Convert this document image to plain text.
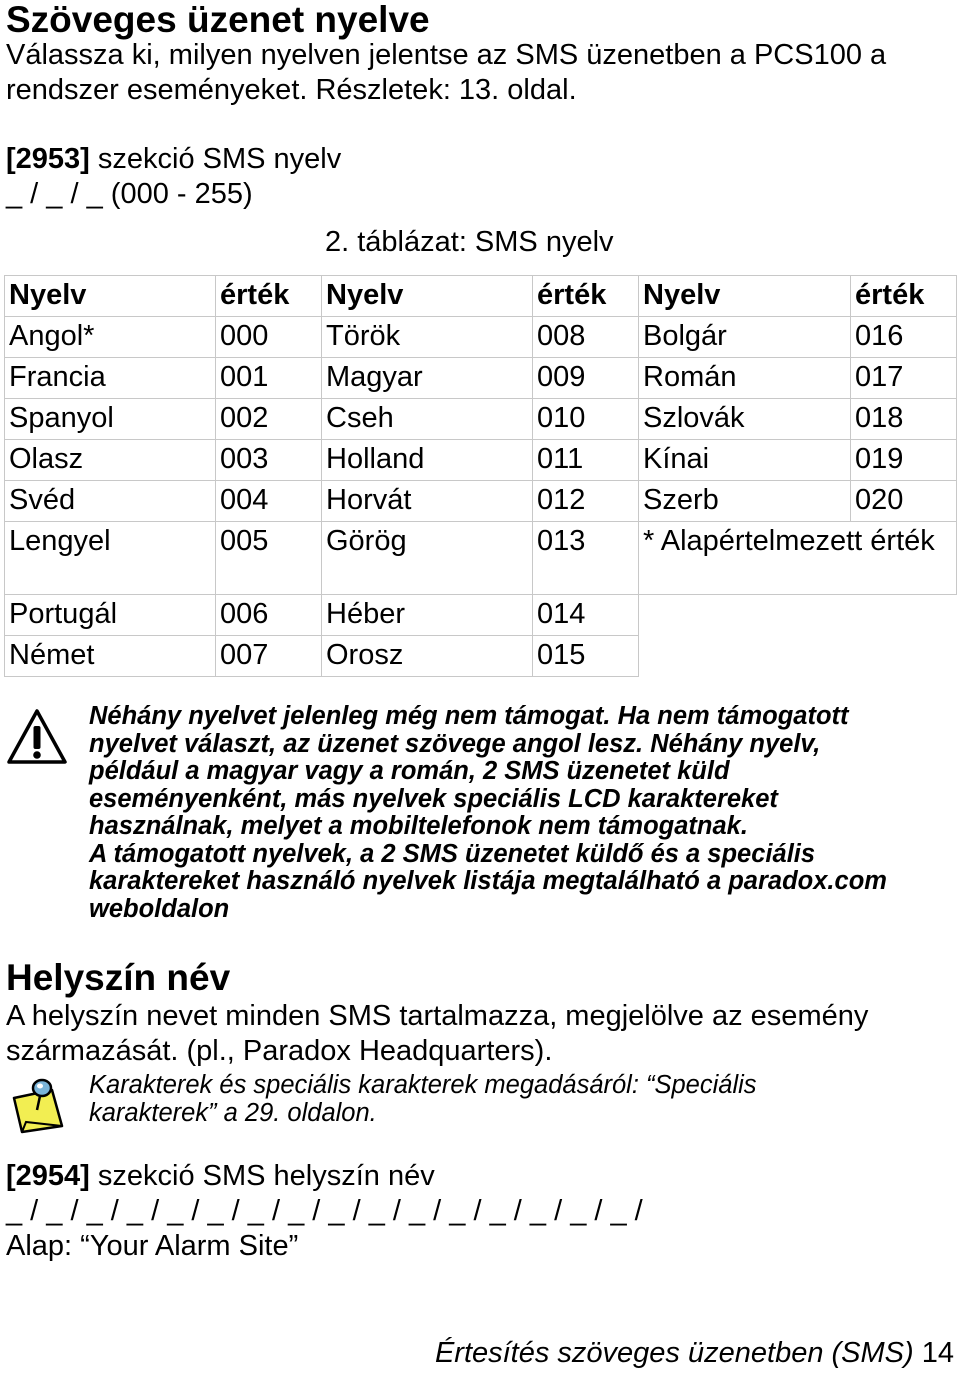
Szöveges üzenet nyelve
Válassza ki, milyen nyelven jelentse az SMS üzenetben a PCS100 a
rendszer eseményeket. Részletek: 13. oldal.
[2953] szekció SMS nyelv
_ / _ / _ (000 - 255)
2. táblázat: SMS nyelv
Nyelv	érték	Nyelv	érték	Nyelv	érték
Angol*	000	Török	008	Bolgár	016
Francia	001	Magyar	009	Román	017
Spanyol	002	Cseh	010	Szlovák	018
Olasz	003	Holland	011	Kínai	019
Svéd	004	Horvát	012	Szerb	020
Lengyel	005	Görög	013	* Alapértelmezett érték	
Portugál	006	Héber	014		
Német	007	Orosz	015		
Néhány nyelvet jelenleg még nem támogat. Ha nem támogatott
nyelvet választ, az üzenet szövege angol lesz. Néhány nyelv,
például a magyar vagy a román, 2 SMS üzenetet küld
eseményenként, más nyelvek speciális LCD karaktereket
használnak, melyet a mobiltelefonok nem támogatnak.
A támogatott nyelvek, a 2 SMS üzenetet küldő és a speciális
karaktereket használó nyelvek listája megtalálható a paradox.com
weboldalon
Helyszín név
A helyszín nevet minden SMS tartalmazza, megjelölve az esemény
származását. (pl., Paradox Headquarters).
Karakterek és speciális karakterek megadásáról: “Speciális
karakterek” a 29. oldalon.
[2954] szekció SMS helyszín név
_ / _ / _ / _ / _ / _ / _ / _ / _ / _ / _ / _ / _ / _ / _ / _ /
Alap: “Your Alarm Site”
Értesítés szöveges üzenetben (SMS) 14
